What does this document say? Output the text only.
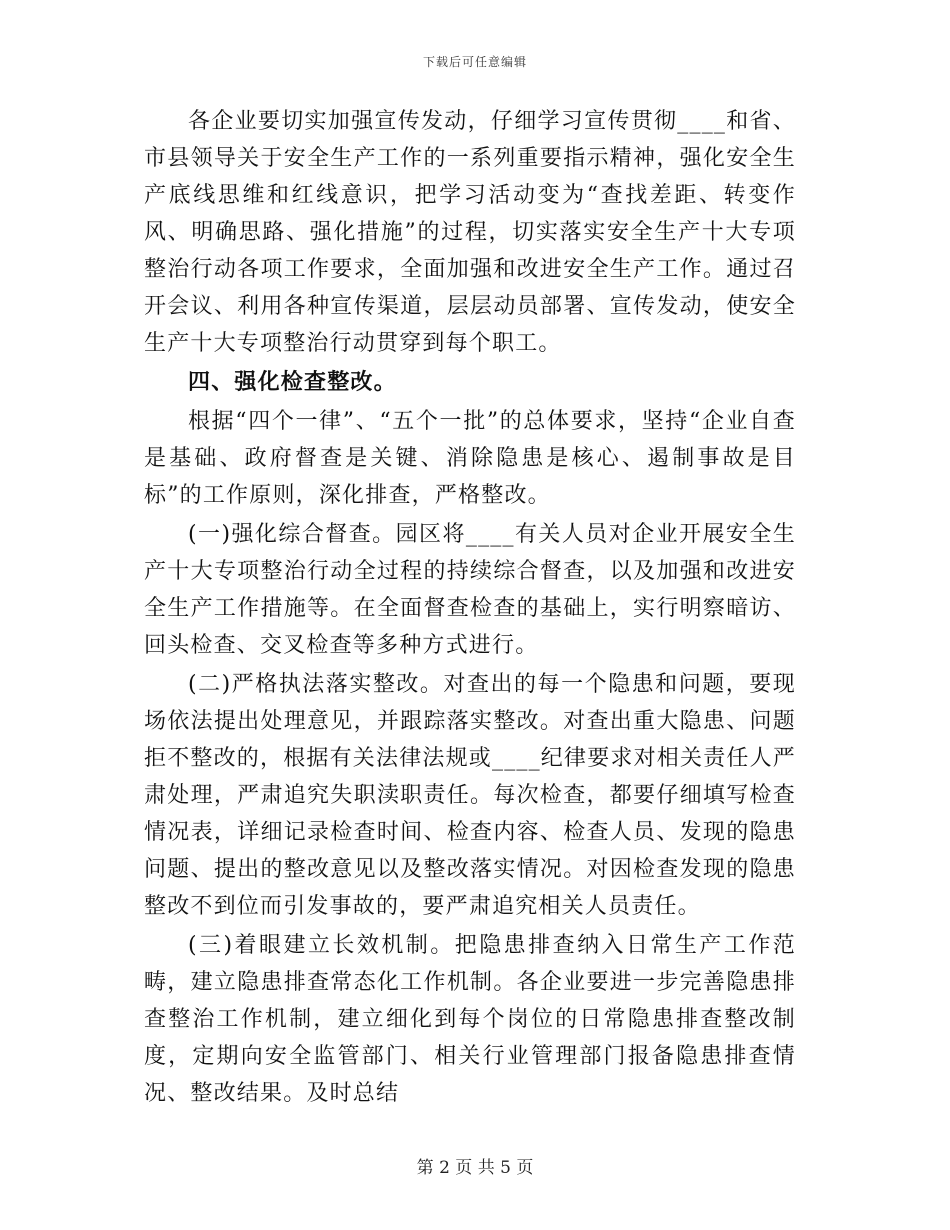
下载后可任意编辑

各企业要切实加强宣传发动，仔细学习宣传贯彻____和省、市县领导关于安全生产工作的一系列重要指示精神，强化安全生产底线思维和红线意识，把学习活动变为“查找差距、转变作风、明确思路、强化措施”的过程，切实落实安全生产十大专项整治行动各项工作要求，全面加强和改进安全生产工作。通过召开会议、利用各种宣传渠道，层层动员部署、宣传发动，使安全生产十大专项整治行动贯穿到每个职工。

四、强化检查整改。

根据“四个一律”、“五个一批”的总体要求，坚持“企业自查是基础、政府督查是关键、消除隐患是核心、遏制事故是目标”的工作原则，深化排查，严格整改。

(一)强化综合督查。园区将____有关人员对企业开展安全生产十大专项整治行动全过程的持续综合督查，以及加强和改进安全生产工作措施等。在全面督查检查的基础上，实行明察暗访、回头检查、交叉检查等多种方式进行。

(二)严格执法落实整改。对查出的每一个隐患和问题，要现场依法提出处理意见，并跟踪落实整改。对查出重大隐患、问题拒不整改的，根据有关法律法规或____纪律要求对相关责任人严肃处理，严肃追究失职渎职责任。每次检查，都要仔细填写检查情况表，详细记录检查时间、检查内容、检查人员、发现的隐患问题、提出的整改意见以及整改落实情况。对因检查发现的隐患整改不到位而引发事故的，要严肃追究相关人员责任。

(三)着眼建立长效机制。把隐患排查纳入日常生产工作范畴，建立隐患排查常态化工作机制。各企业要进一步完善隐患排查整治工作机制，建立细化到每个岗位的日常隐患排查整改制度，定期向安全监管部门、相关行业管理部门报备隐患排查情况、整改结果。及时总结

第 2 页 共 5 页
